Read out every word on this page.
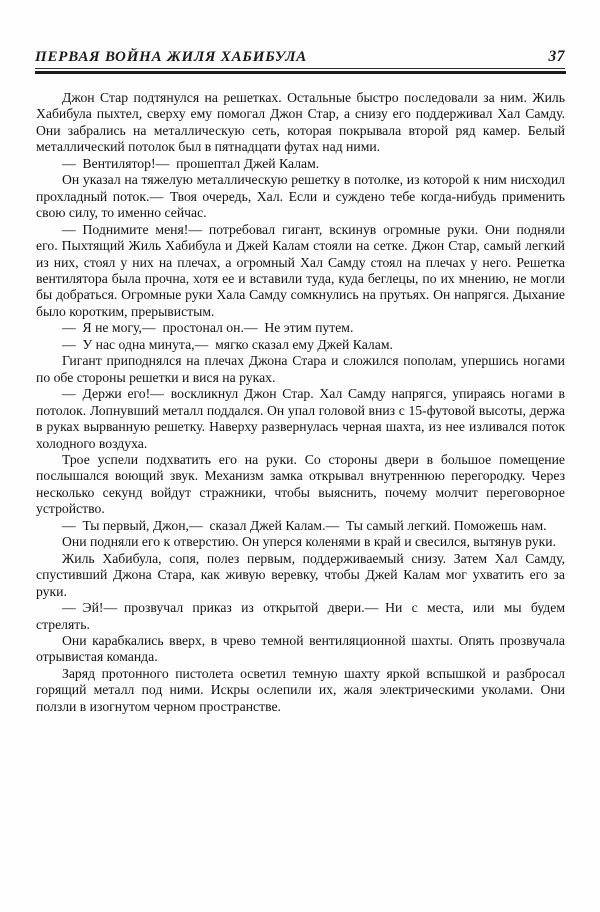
ПЕРВАЯ ВОЙНА ЖИЛЯ ХАБИБУЛА	37

Джон Стар подтянулся на решетках. Остальные быстро последовали за ним. Жиль Хабибула пыхтел, сверху ему помогал Джон Стар, а снизу его поддерживал Хал Самду. Они забрались на металлическую сеть, которая покрывала второй ряд камер. Белый металлический потолок был в пятнадцати футах над ними.

— Вентилятор!— прошептал Джей Калам.

Он указал на тяжелую металлическую решетку в потолке, из которой к ним нисходил прохладный поток.— Твоя очередь, Хал. Если и суждено тебе когда-нибудь применить свою силу, то именно сейчас.

— Поднимите меня!— потребовал гигант, вскинув огромные руки. Они подняли его. Пыхтящий Жиль Хабибула и Джей Калам стояли на сетке. Джон Стар, самый легкий из них, стоял у них на плечах, а огромный Хал Самду стоял на плечах у него. Решетка вентилятора была прочна, хотя ее и вставили туда, куда беглецы, по их мнению, не могли бы добраться. Огромные руки Хала Самду сомкнулись на прутьях. Он напрягся. Дыхание было коротким, прерывистым.

— Я не могу,— простонал он.— Не этим путем.

— У нас одна минута,— мягко сказал ему Джей Калам.

Гигант приподнялся на плечах Джона Стара и сложился пополам, упершись ногами по обе стороны решетки и вися на руках.

— Держи его!— воскликнул Джон Стар. Хал Самду напрягся, упираясь ногами в потолок. Лопнувший металл поддался. Он упал головой вниз с 15-футовой высоты, держа в руках вырванную решетку. Наверху развернулась черная шахта, из нее изливался поток холодного воздуха.

Трое успели подхватить его на руки. Со стороны двери в большое помещение послышался воющий звук. Механизм замка открывал внутреннюю перегородку. Через несколько секунд войдут стражники, чтобы выяснить, почему молчит переговорное устройство.

— Ты первый, Джон,— сказал Джей Калам.— Ты самый легкий. Поможешь нам.

Они подняли его к отверстию. Он уперся коленями в край и свесился, вытянув руки.

Жиль Хабибула, сопя, полез первым, поддерживаемый снизу. Затем Хал Самду, спустивший Джона Стара, как живую веревку, чтобы Джей Калам мог ухватить его за руки.

— Эй!— прозвучал приказ из открытой двери.— Ни с места, или мы будем стрелять.

Они карабкались вверх, в чрево темной вентиляционной шахты. Опять прозвучала отрывистая команда.

Заряд протонного пистолета осветил темную шахту яркой вспышкой и разбросал горящий металл под ними. Искры ослепили их, жаля электрическими уколами. Они ползли в изогнутом черном пространстве.
